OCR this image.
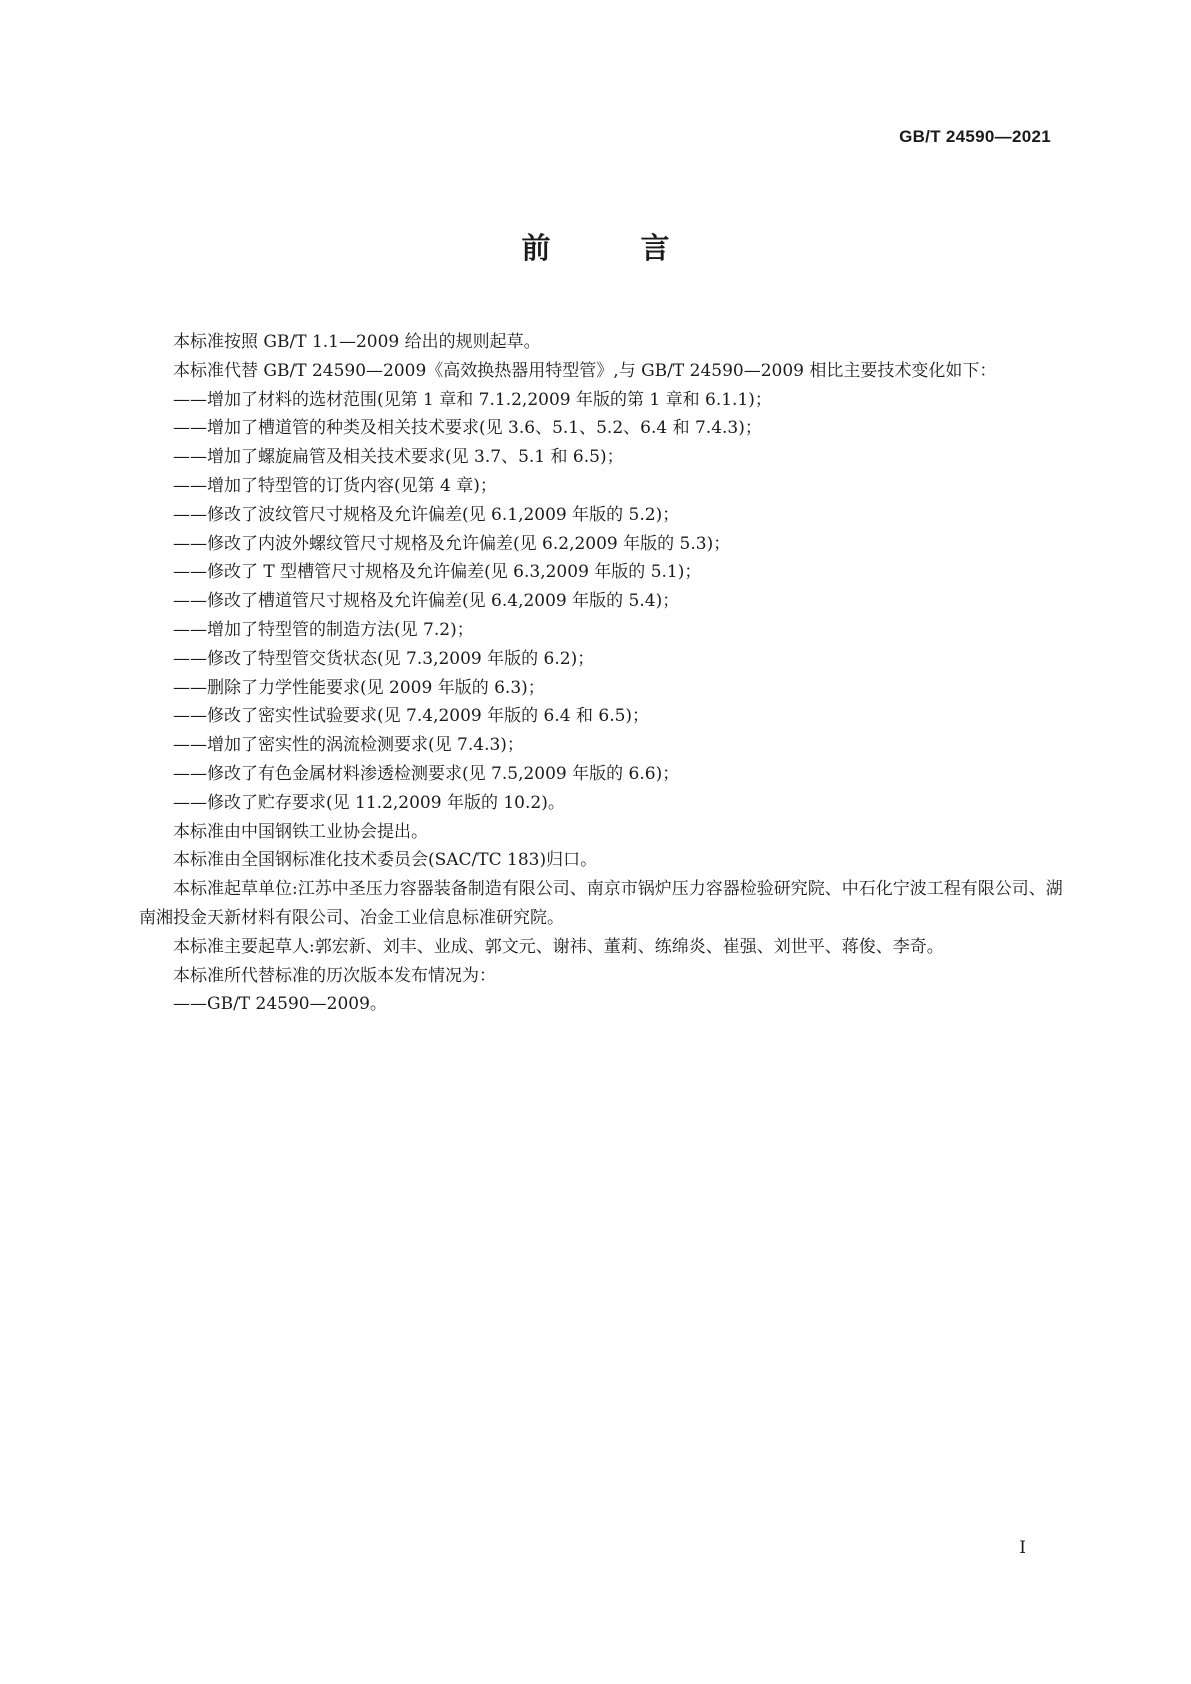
GB/T 24590—2021
前 言

本标准按照 GB/T 1.1—2009 给出的规则起草。

本标准代替 GB/T 24590—2009《高效换热器用特型管》,与 GB/T 24590—2009 相比主要技术变化如下：

——增加了材料的选材范围(见第 1 章和 7.1.2,2009 年版的第 1 章和 6.1.1)；

——增加了槽道管的种类及相关技术要求(见 3.6、5.1、5.2、6.4 和 7.4.3)；

——增加了螺旋扁管及相关技术要求(见 3.7、5.1 和 6.5)；

——增加了特型管的订货内容(见第 4 章)；

——修改了波纹管尺寸规格及允许偏差(见 6.1,2009 年版的 5.2)；

——修改了内波外螺纹管尺寸规格及允许偏差(见 6.2,2009 年版的 5.3)；

——修改了 T 型槽管尺寸规格及允许偏差(见 6.3,2009 年版的 5.1)；

——修改了槽道管尺寸规格及允许偏差(见 6.4,2009 年版的 5.4)；

——增加了特型管的制造方法(见 7.2)；

——修改了特型管交货状态(见 7.3,2009 年版的 6.2)；

——删除了力学性能要求(见 2009 年版的 6.3)；

——修改了密实性试验要求(见 7.4,2009 年版的 6.4 和 6.5)；

——增加了密实性的涡流检测要求(见 7.4.3)；

——修改了有色金属材料渗透检测要求(见 7.5,2009 年版的 6.6)；

——修改了贮存要求(见 11.2,2009 年版的 10.2)。

本标准由中国钢铁工业协会提出。

本标准由全国钢标准化技术委员会(SAC/TC 183)归口。

本标准起草单位:江苏中圣压力容器装备制造有限公司、南京市锅炉压力容器检验研究院、中石化宁波工程有限公司、湖南湘投金天新材料有限公司、冶金工业信息标准研究院。

本标准主要起草人:郭宏新、刘丰、业成、郭文元、谢祎、董莉、练绵炎、崔强、刘世平、蒋俊、李奇。

本标准所代替标准的历次版本发布情况为：

——GB/T 24590—2009。

I
